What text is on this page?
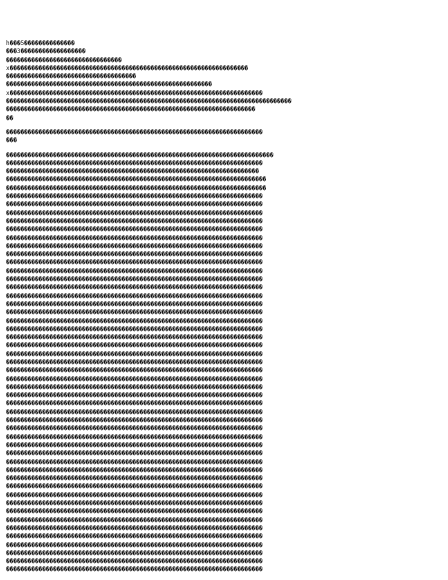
h���5��������������
���3������������������
��������������������������������
x������������������������������������������������������������������
������������������������������������
���������������������������������������������������������
x����������������������������������������������������������������������
�������������������������������������������������������������������������������
���������������������������������������������������������������������
��
�����������������������������������������������������������������������
���
��������������������������������������������������������������������������
�����������������������������������������������������������������������
����������������������������������������������������������������������
������������������������������������������������������������������������
������������������������������������������������������������������������
�����������������������������������������������������������������������
�����������������������������������������������������������������������
�����������������������������������������������������������������������
�����������������������������������������������������������������������
�����������������������������������������������������������������������
�����������������������������������������������������������������������
�����������������������������������������������������������������������
�����������������������������������������������������������������������
�����������������������������������������������������������������������
�����������������������������������������������������������������������
�����������������������������������������������������������������������
�����������������������������������������������������������������������
�����������������������������������������������������������������������
�����������������������������������������������������������������������
�����������������������������������������������������������������������
�����������������������������������������������������������������������
�����������������������������������������������������������������������
�����������������������������������������������������������������������
�����������������������������������������������������������������������
�����������������������������������������������������������������������
�����������������������������������������������������������������������
�����������������������������������������������������������������������
�����������������������������������������������������������������������
�����������������������������������������������������������������������
�����������������������������������������������������������������������
�����������������������������������������������������������������������
�����������������������������������������������������������������������
�����������������������������������������������������������������������
�����������������������������������������������������������������������
�����������������������������������������������������������������������
�����������������������������������������������������������������������
�����������������������������������������������������������������������
�����������������������������������������������������������������������
�����������������������������������������������������������������������
�����������������������������������������������������������������������
�����������������������������������������������������������������������
�����������������������������������������������������������������������
�����������������������������������������������������������������������
�����������������������������������������������������������������������
�����������������������������������������������������������������������
�����������������������������������������������������������������������
�����������������������������������������������������������������������
�����������������������������������������������������������������������
�����������������������������������������������������������������������
�����������������������������������������������������������������������
�����������������������������������������������������������������������
